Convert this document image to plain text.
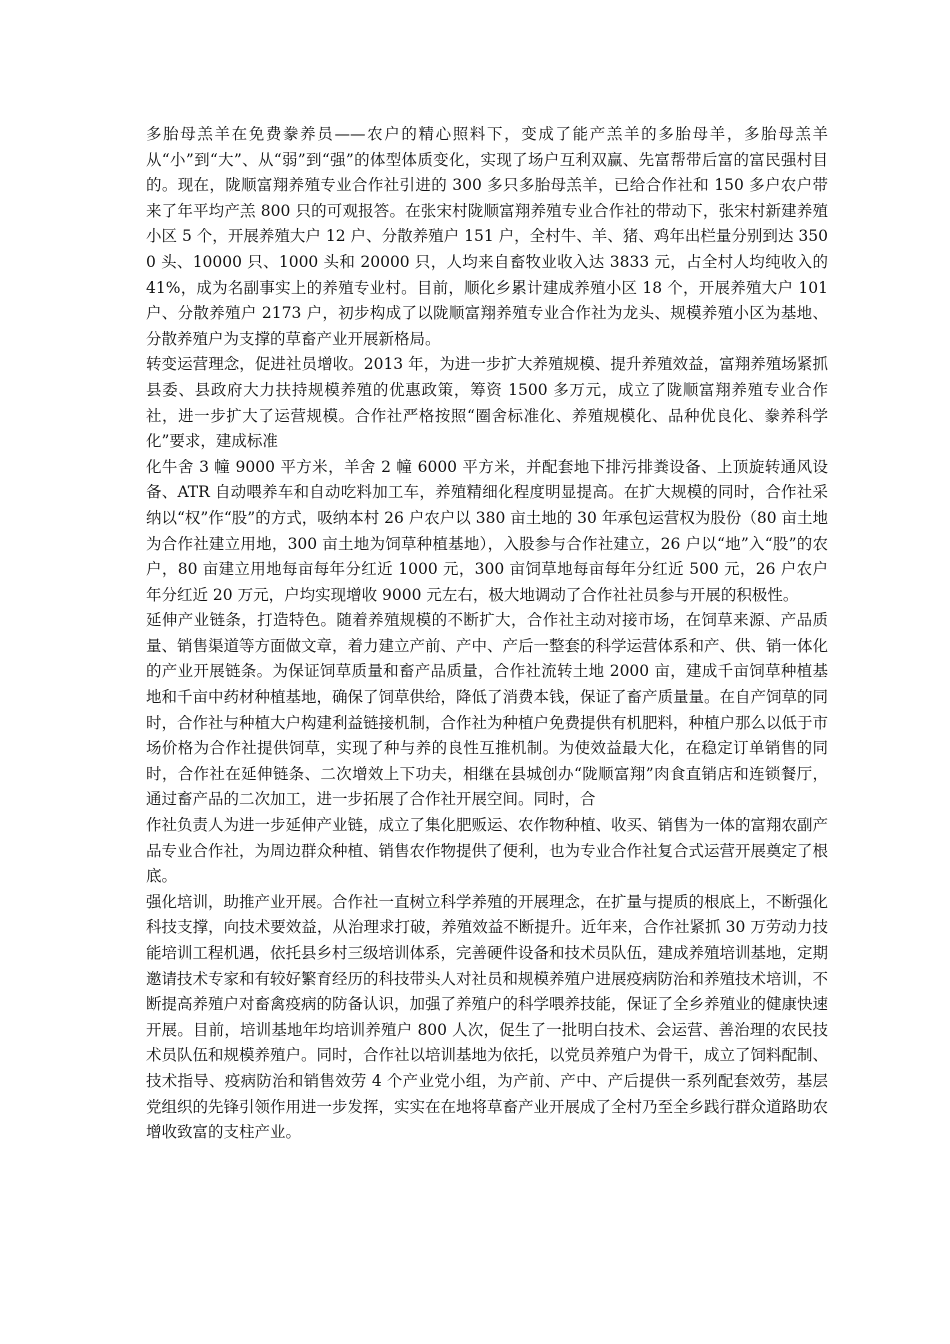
多胎母羔羊在免费豢养员——农户的精心照料下，变成了能产羔羊的多胎母羊，多胎母羔羊从“小”到“大”、从“弱”到“强”的体型体质变化，实现了场户互利双赢、先富帮带后富的富民强村目的。现在，陇顺富翔养殖专业合作社引进的 300 多只多胎母羔羊，已给合作社和 150 多户农户带来了年平均产羔 800 只的可观报答。在张宋村陇顺富翔养殖专业合作社的带动下，张宋村新建养殖小区 5 个，开展养殖大户 12 户、分散养殖户 151 户，全村牛、羊、猪、鸡年出栏量分别到达 3500 头、10000 只、1000 头和 20000 只，人均来自畜牧业收入达 3833 元，占全村人均纯收入的 41%，成为名副事实上的养殖专业村。目前，顺化乡累计建成养殖小区 18 个，开展养殖大户 101 户、分散养殖户 2173 户，初步构成了以陇顺富翔养殖专业合作社为龙头、规模养殖小区为基地、分散养殖户为支撑的草畜产业开展新格局。

转变运营理念，促进社员增收。2013 年，为进一步扩大养殖规模、提升养殖效益，富翔养殖场紧抓县委、县政府大力扶持规模养殖的优惠政策，筹资 1500 多万元，成立了陇顺富翔养殖专业合作社，进一步扩大了运营规模。合作社严格按照“圈舍标准化、养殖规模化、品种优良化、豢养科学化”要求，建成标准

化牛舍 3 幢 9000 平方米，羊舍 2 幢 6000 平方米，并配套地下排污排粪设备、上顶旋转通风设备、ATR 自动喂养车和自动吃料加工车，养殖精细化程度明显提高。在扩大规模的同时，合作社采纳以“权”作“股”的方式，吸纳本村 26 户农户以 380 亩土地的 30 年承包运营权为股份（80 亩土地为合作社建立用地，300 亩土地为饲草种植基地），入股参与合作社建立，26 户以“地”入“股”的农户，80 亩建立用地每亩每年分红近 1000 元，300 亩饲草地每亩每年分红近 500 元，26 户农户年分红近 20 万元，户均实现增收 9000 元左右，极大地调动了合作社社员参与开展的积极性。

延伸产业链条，打造特色。随着养殖规模的不断扩大，合作社主动对接市场，在饲草来源、产品质量、销售渠道等方面做文章，着力建立产前、产中、产后一整套的科学运营体系和产、供、销一体化的产业开展链条。为保证饲草质量和畜产品质量，合作社流转土地 2000 亩，建成千亩饲草种植基地和千亩中药材种植基地，确保了饲草供给，降低了消费本钱，保证了畜产质量量。在自产饲草的同时，合作社与种植大户构建利益链接机制，合作社为种植户免费提供有机肥料，种植户那么以低于市场价格为合作社提供饲草，实现了种与养的良性互推机制。为使效益最大化，在稳定订单销售的同时，合作社在延伸链条、二次增效上下功夫，相继在县城创办“陇顺富翔”肉食直销店和连锁餐厅，通过畜产品的二次加工，进一步拓展了合作社开展空间。同时，合

作社负责人为进一步延伸产业链，成立了集化肥贩运、农作物种植、收买、销售为一体的富翔农副产品专业合作社，为周边群众种植、销售农作物提供了便利，也为专业合作社复合式运营开展奠定了根底。

强化培训，助推产业开展。合作社一直树立科学养殖的开展理念，在扩量与提质的根底上，不断强化科技支撑，向技术要效益，从治理求打破，养殖效益不断提升。近年来，合作社紧抓 30 万劳动力技能培训工程机遇，依托县乡村三级培训体系，完善硬件设备和技术员队伍，建成养殖培训基地，定期邀请技术专家和有较好繁育经历的科技带头人对社员和规模养殖户进展疫病防治和养殖技术培训，不断提高养殖户对畜禽疫病的防备认识，加强了养殖户的科学喂养技能，保证了全乡养殖业的健康快速开展。目前，培训基地年均培训养殖户 800 人次，促生了一批明白技术、会运营、善治理的农民技术员队伍和规模养殖户。同时，合作社以培训基地为依托，以党员养殖户为骨干，成立了饲料配制、技术指导、疫病防治和销售效劳 4 个产业党小组，为产前、产中、产后提供一系列配套效劳，基层党组织的先锋引领作用进一步发挥，实实在在地将草畜产业开展成了全村乃至全乡践行群众道路助农增收致富的支柱产业。
